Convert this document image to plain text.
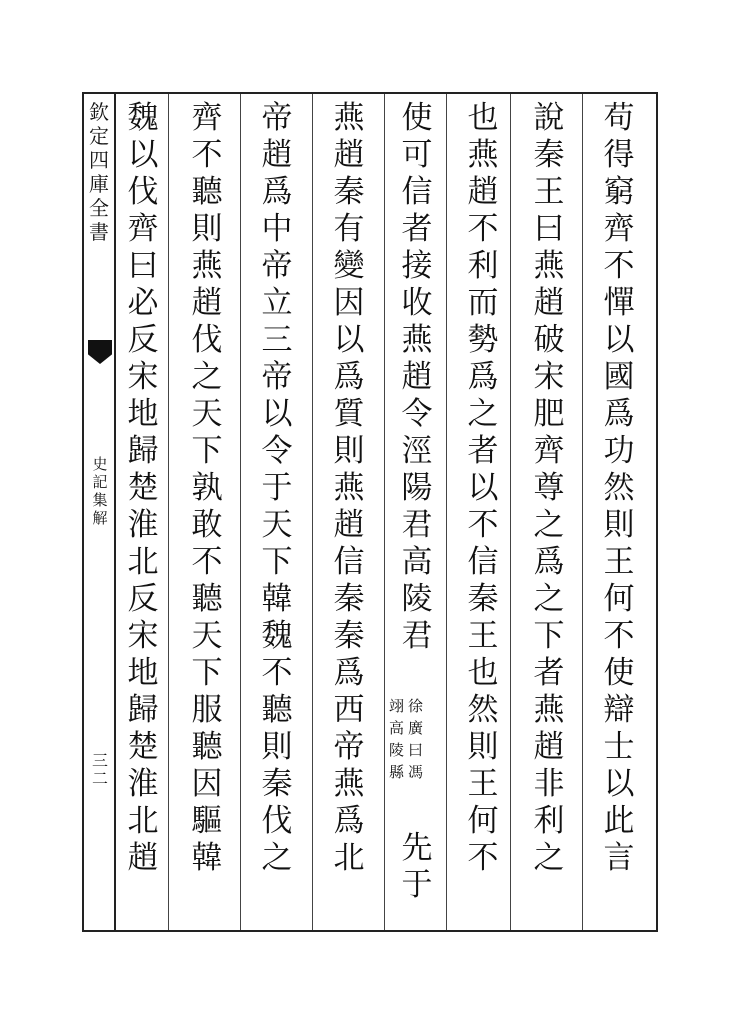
欽定四庫全書
史記集解
三二
苟得窮齊不憚以國爲功然則王何不使辯士以此言
說秦王曰燕趙破宋肥齊尊之爲之下者燕趙非利之
也燕趙不利而勢爲之者以不信秦王也然則王何不
使可信者接收燕趙令涇陽君高陵君
徐廣曰馮
翊高陵縣
先于
燕趙秦有變因以爲質則燕趙信秦秦爲西帝燕爲北
帝趙爲中帝立三帝以令于天下韓魏不聽則秦伐之
齊不聽則燕趙伐之天下孰敢不聽天下服聽因驅韓
魏以伐齊曰必反宋地歸楚淮北反宋地歸楚淮北趙
